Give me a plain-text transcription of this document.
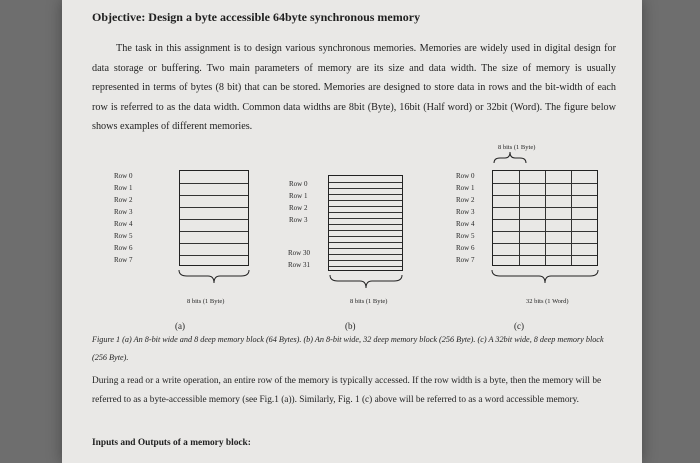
Objective: Design a byte accessible 64byte synchronous memory

The task in this assignment is to design various synchronous memories. Memories are widely used in digital design for data storage or buffering. Two main parameters of memory are its size and data width. The size of memory is usually represented in terms of bytes (8 bit) that can be stored. Memories are designed to store data in rows and the bit-width of each row is referred to as the data width. Common data widths are 8bit (Byte), 16bit (Half word) or 32bit (Word). The figure below shows examples of different memories.

Row 0
Row 1
Row 2
Row 3
Row 4
Row 5
Row 6
Row 7

8 bits (1 Byte)

(a)

Row 0
Row 1
Row 2
Row 3
Row 30
Row 31

8 bits (1 Byte)

(b)

8 bits (1 Byte)

Row 0
Row 1
Row 2
Row 3
Row 4
Row 5
Row 6
Row 7

32 bits (1 Word)

(c)

Figure 1 (a) An 8-bit wide and 8 deep memory block (64 Bytes). (b) An 8-bit wide, 32 deep memory block (256 Byte). (c) A 32bit wide, 8 deep memory block (256 Byte).

During a read or a write operation, an entire row of the memory is typically accessed. If the row width is a byte, then the memory will be referred to as a byte-accessible memory (see Fig.1 (a)). Similarly, Fig. 1 (c) above will be referred to as a word accessible memory.

Inputs and Outputs of a memory block:
